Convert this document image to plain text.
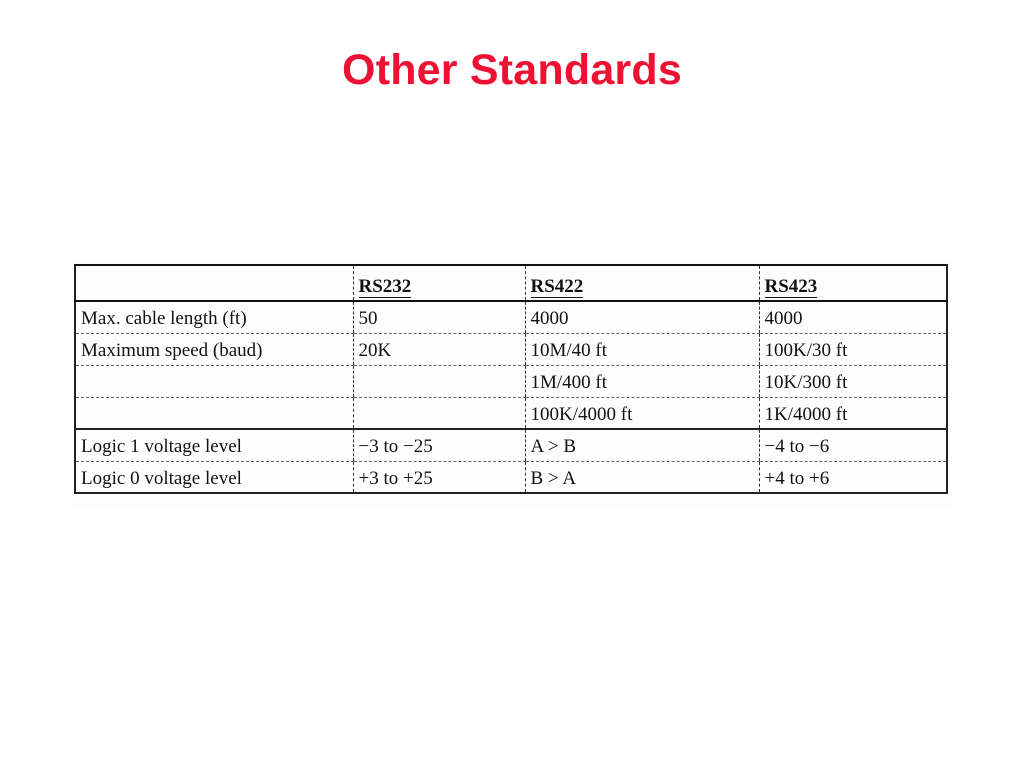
Other Standards
	RS232	RS422	RS423
Max. cable length (ft)	50	4000	4000
Maximum speed (baud)	20K	10M/40 ft	100K/30 ft
		1M/400 ft	10K/300 ft
		100K/4000 ft	1K/4000 ft
Logic 1 voltage level	−3 to −25	A > B	−4 to −6
Logic 0 voltage level	+3 to +25	B > A	+4 to +6
